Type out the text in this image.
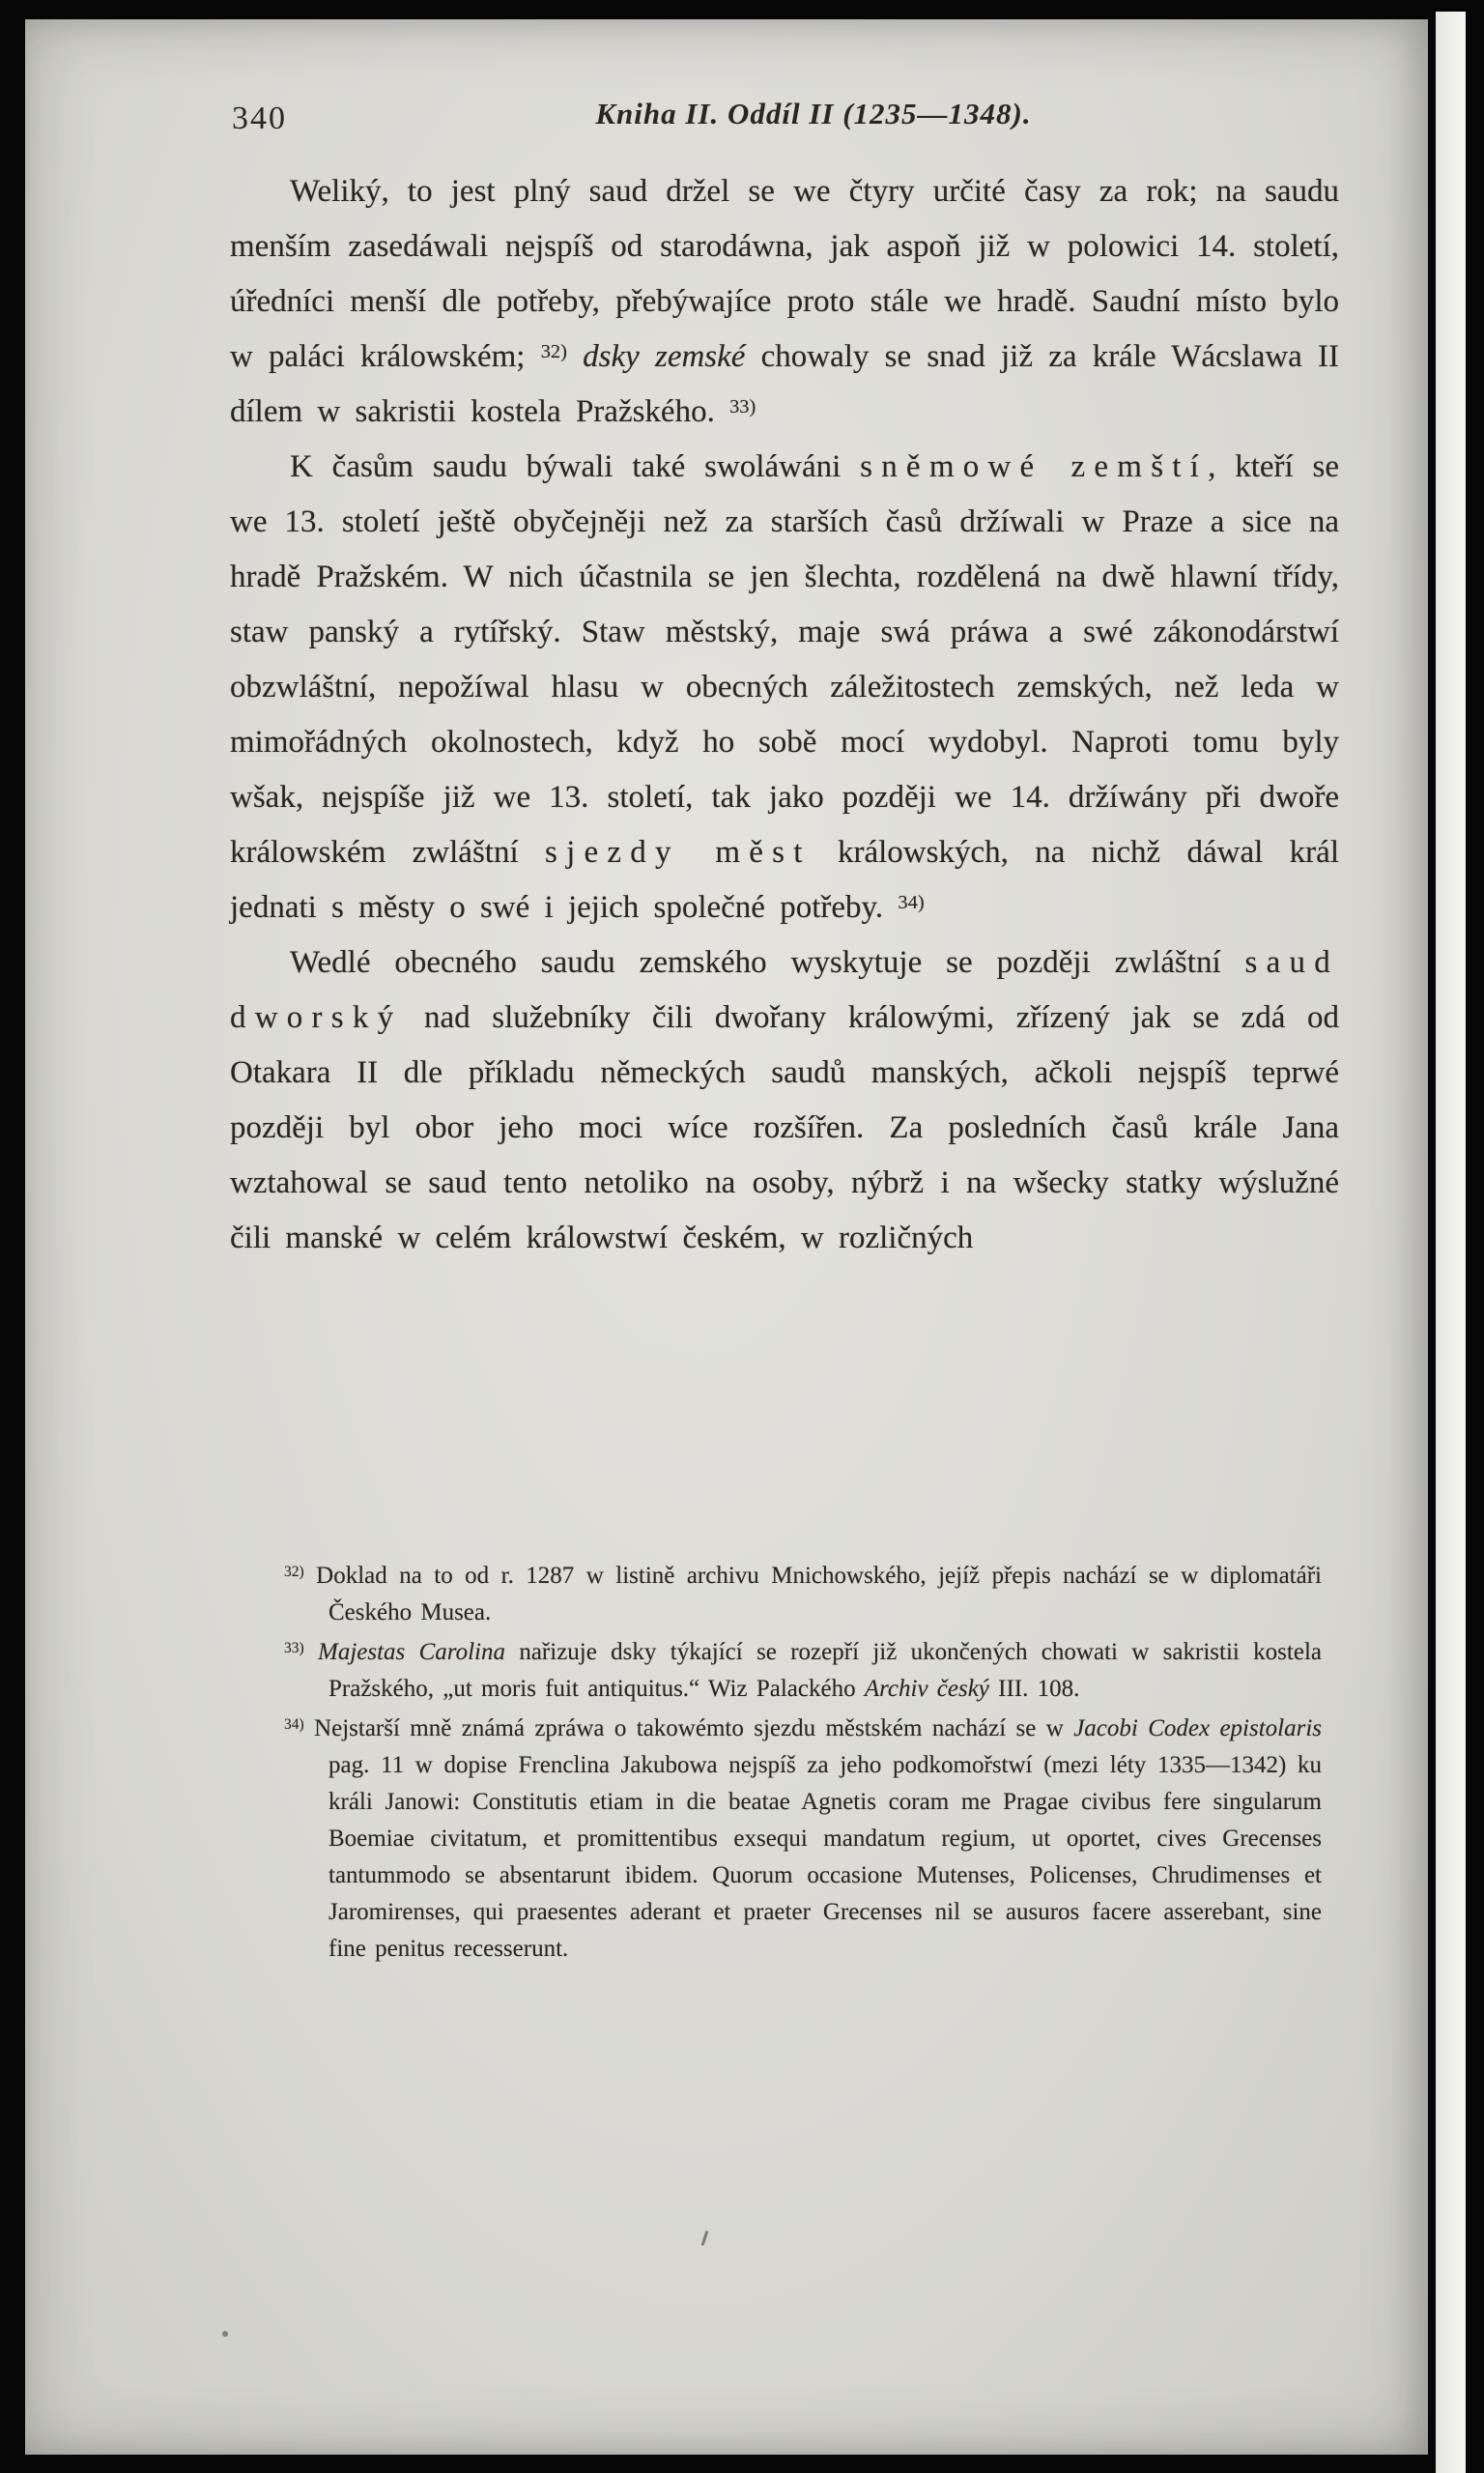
340	Kniha II. Oddíl II (1235—1348).

Weliký, to jest plný saud držel se we čtyry určité časy za rok; na saudu menším zasedáwali nejspíš od starodáwna, jak aspoň již w polowici 14. století, úředníci menší dle potřeby, přebýwajíce proto stále we hradě. Saudní místo bylo w paláci králowském; $^{32)}$ dsky zemské chowaly se snad již za krále Wácslawa II dílem w sakristii kostela Pražského. $^{33)}$

K časům saudu býwali také swoláwáni sněmowé zemští, kteří se we 13. století ještě obyčejněji než za starších časů držíwali w Praze a sice na hradě Pražském. W nich účastnila se jen šlechta, rozdělená na dwě hlawní třídy, staw panský a rytířský. Staw městský, maje swá práwa a swé zákonodárstwí obzwláštní, nepožíwal hlasu w obecných záležitostech zemských, než leda w mimořádných okolnostech, když ho sobě mocí wydobyl. Naproti tomu byly wšak, nejspíše již we 13. století, tak jako později we 14. držíwány při dwoře králowském zwláštní sjezdy měst králowských, na nichž dáwal král jednati s městy o swé i jejich společné potřeby. $^{34)}$

Wedlé obecného saudu zemského wyskytuje se později zwláštní saud dworský nad služebníky čili dwořany králowými, zřízený jak se zdá od Otakara II dle příkladu německých saudů manských, ačkoli nejspíš teprwé později byl obor jeho moci wíce rozšířen. Za posledních časů krále Jana wztahowal se saud tento netoliko na osoby, nýbrž i na wšecky statky wýslužné čili manské w celém králowstwí českém, w rozličných

$^{32)}$ Doklad na to od r. 1287 w listině archivu Mnichowského, jejíž přepis nachází se w diplomatáři Českého Musea.
$^{33)}$ Majestas Carolina nařizuje dsky týkající se rozepří již ukončených chowati w sakristii kostela Pražského, „ut moris fuit antiquitus.“ Wiz Palackého Archiv český III. 108.
$^{34)}$ Nejstarší mně známá zpráwa o takowémto sjezdu městském nachází se w Jacobi Codex epistolaris pag. 11 w dopise Frenclina Jakubowa nejspíš za jeho podkomořstwí (mezi léty 1335—1342) ku králi Janowi: Constitutis etiam in die beatae Agnetis coram me Pragae civibus fere singularum Boemiae civitatum, et promittentibus exsequi mandatum regium, ut oportet, cives Grecenses tantummodo se absentarunt ibidem. Quorum occasione Mutenses, Policenses, Chrudimenses et Jaromirenses, qui praesentes aderant et praeter Grecenses nil se ausuros facere asserebant, sine fine penitus recesserunt.
